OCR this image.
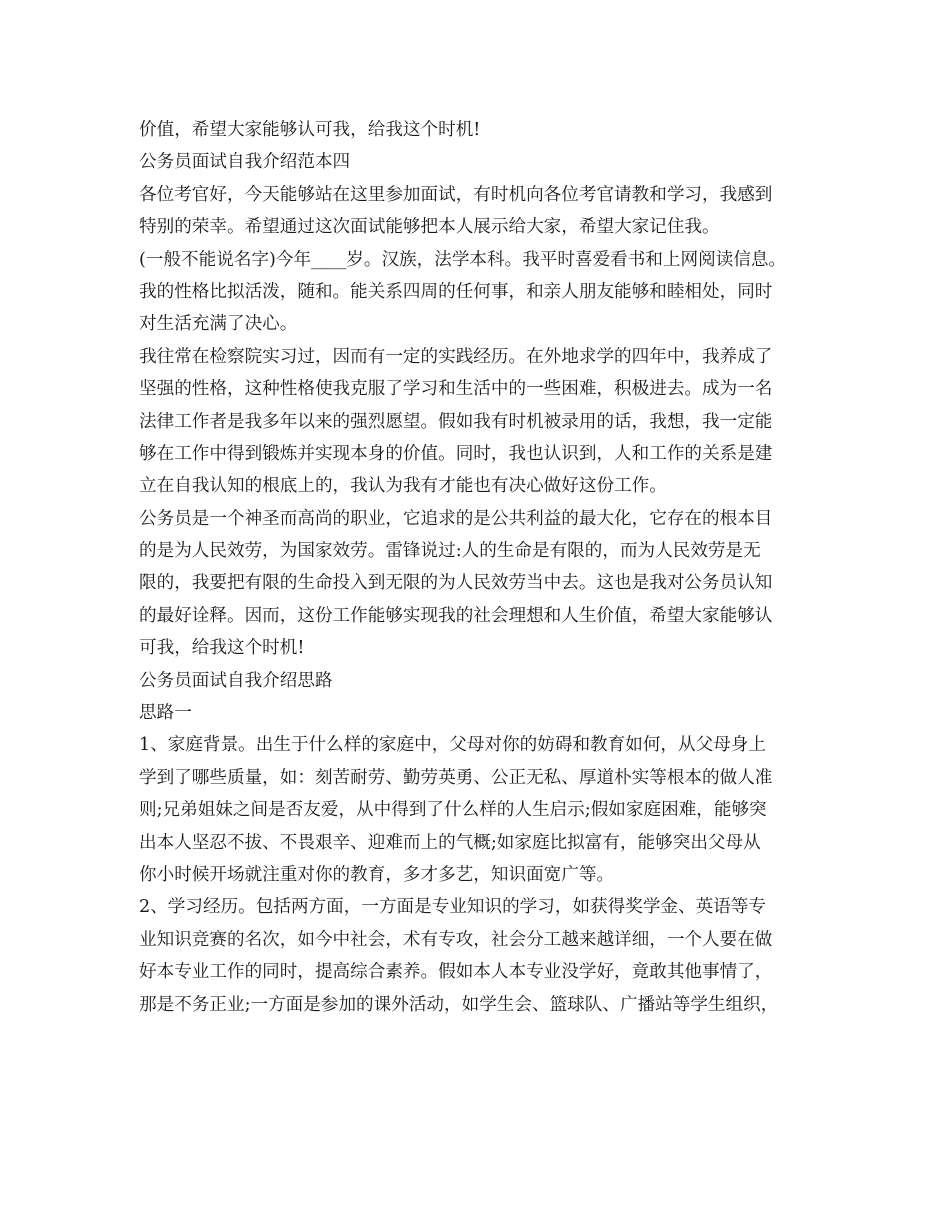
价值，希望大家能够认可我，给我这个时机!

公务员面试自我介绍范本四

各位考官好，今天能够站在这里参加面试，有时机向各位考官请教和学习，我感到

特别的荣幸。希望通过这次面试能够把本人展示给大家，希望大家记住我。

(一般不能说名字)今年____岁。汉族，法学本科。我平时喜爱看书和上网阅读信息。

我的性格比拟活泼，随和。能关系四周的任何事，和亲人朋友能够和睦相处，同时

对生活充满了决心。

我往常在检察院实习过，因而有一定的实践经历。在外地求学的四年中，我养成了

坚强的性格，这种性格使我克服了学习和生活中的一些困难，积极进去。成为一名

法律工作者是我多年以来的强烈愿望。假如我有时机被录用的话，我想，我一定能

够在工作中得到锻炼并实现本身的价值。同时，我也认识到，人和工作的关系是建

立在自我认知的根底上的，我认为我有才能也有决心做好这份工作。

公务员是一个神圣而高尚的职业，它追求的是公共利益的最大化，它存在的根本目

的是为人民效劳，为国家效劳。雷锋说过:人的生命是有限的，而为人民效劳是无

限的，我要把有限的生命投入到无限的为人民效劳当中去。这也是我对公务员认知

的最好诠释。因而，这份工作能够实现我的社会理想和人生价值，希望大家能够认

可我，给我这个时机!

公务员面试自我介绍思路

思路一

1、家庭背景。出生于什么样的家庭中，父母对你的妨碍和教育如何，从父母身上

学到了哪些质量，如：刻苦耐劳、勤劳英勇、公正无私、厚道朴实等根本的做人准

则;兄弟姐妹之间是否友爱，从中得到了什么样的人生启示;假如家庭困难，能够突

出本人坚忍不拔、不畏艰辛、迎难而上的气概;如家庭比拟富有，能够突出父母从

你小时候开场就注重对你的教育，多才多艺，知识面宽广等。

2、学习经历。包括两方面，一方面是专业知识的学习，如获得奖学金、英语等专

业知识竞赛的名次，如今中社会，术有专攻，社会分工越来越详细，一个人要在做

好本专业工作的同时，提高综合素养。假如本人本专业没学好，竟敢其他事情了，

那是不务正业;一方面是参加的课外活动，如学生会、篮球队、广播站等学生组织，
